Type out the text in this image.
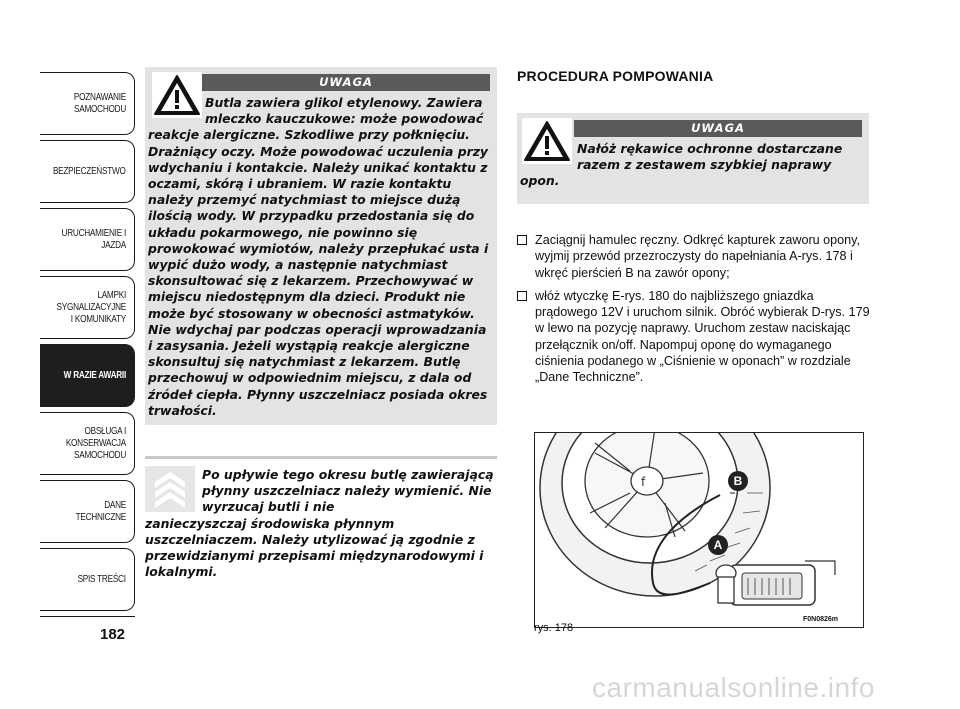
POZNAWANIE SAMOCHODU
BEZPIECZEŃSTWO
URUCHAMIENIE I JAZDA
LAMPKI SYGNALIZACYJNE I KOMUNIKATY
W RAZIE AWARII
OBSŁUGA I KONSERWACJA SAMOCHODU
DANE TECHNICZNE
SPIS TREŚCI
182
UWAGA

Butla zawiera glikol etylenowy. Zawiera mleczko kauczukowe: może powodować
reakcje alergiczne. Szkodliwe przy połknięciu. Drażniący oczy. Może powodować uczulenia przy wdychaniu i kontakcie. Należy unikać kontaktu z oczami, skórą i ubraniem. W razie kontaktu należy przemyć natychmiast to miejsce dużą ilością wody. W przypadku przedostania się do układu pokarmowego, nie powinno się prowokować wymiotów, należy przepłukać usta i wypić dużo wody, a następnie natychmiast skonsultować się z lekarzem. Przechowywać w miejscu niedostępnym dla dzieci. Produkt nie może być stosowany w obecności astmatyków. Nie wdychaj par podczas operacji wprowadzania i zasysania. Jeżeli wystąpią reakcje alergiczne skonsultuj się natychmiast z lekarzem. Butlę przechowuj w odpowiednim miejscu, z dala od źródeł ciepła. Płynny uszczelniacz posiada okres trwałości.

Po upływie tego okresu butlę zawierającą płynny uszczelniacz należy wymienić. Nie wyrzucaj butli i nie
zanieczyszczaj środowiska płynnym uszczelniaczem. Należy utylizować ją zgodnie z przewidzianymi przepisami międzynarodowymi i lokalnymi.

PROCEDURA POMPOWANIA
UWAGA

Nałóż rękawice ochronne dostarczane razem z zestawem szybkiej naprawy
opon.

Zaciągnij hamulec ręczny. Odkręć kapturek zaworu opony, wyjmij przewód przezroczysty do napełniania A-rys. 178 i wkręć pierścień B na zawór opony;
włóż wtyczkę E-rys. 180 do najbliższego gniazdka prądowego 12V i uruchom silnik. Obróć wybierak D-rys. 179 w lewo na pozycję naprawy. Uruchom zestaw naciskając przełącznik on/off. Napompuj oponę do wymaganego ciśnienia podanego w „Ciśnienie w oponach” w rozdziale „Dane Techniczne”.
f	B
A
rys. 178
F0N0826m
carmanualsonline.info
